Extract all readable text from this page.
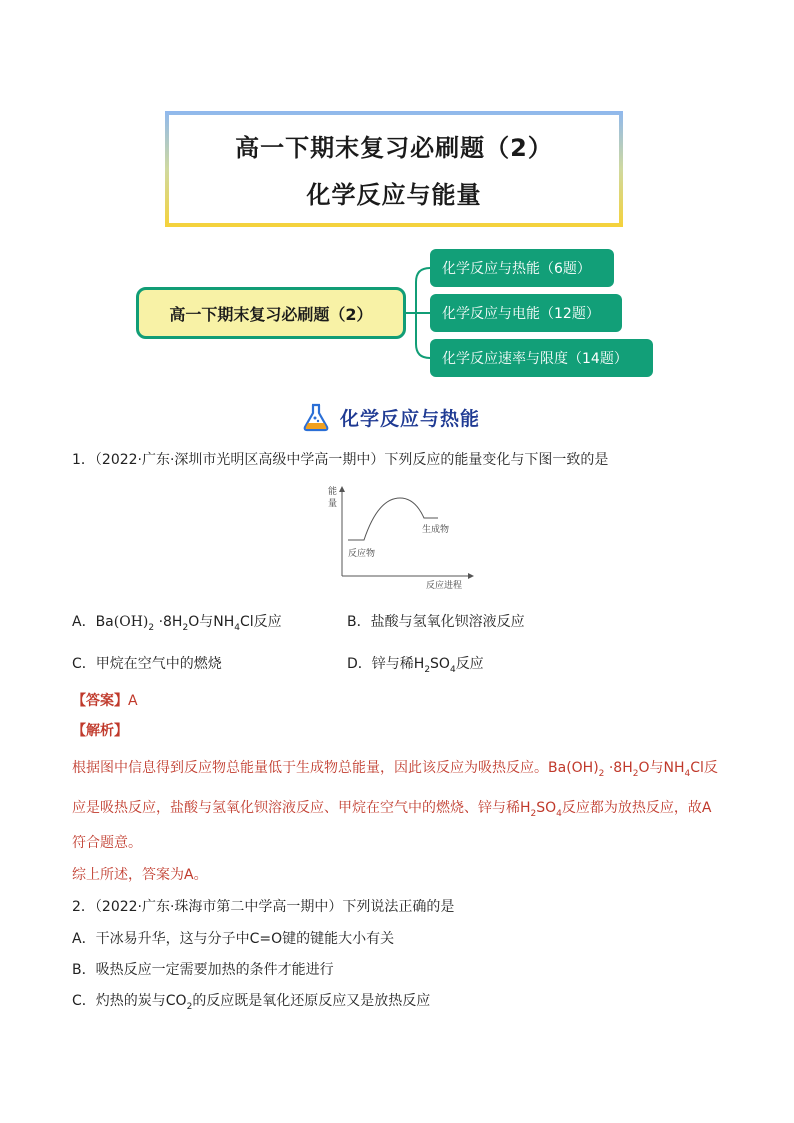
高一下期末复习必刷题（2）
化学反应与能量
高一下期末复习必刷题（2）
化学反应与热能（6题）
化学反应与电能（12题）
化学反应速率与限度（14题）
化学反应与热能
1．（2022·广东·深圳市光明区高级中学高一期中）下列反应的能量变化与下图一致的是
能
量
反应物
生成物
反应进程
A．$Ba(OH)_2 \cdot 8H_2O$与$NH_4Cl$反应	B．盐酸与氢氧化钡溶液反应
C．甲烷在空气中的燃烧	D．锌与稀$H_2SO_4$反应
【答案】A
【解析】
根据图中信息得到反应物总能量低于生成物总能量，因此该反应为吸热反应。$Ba(OH)_2 \cdot 8H_2O$与$NH_4Cl$反
应是吸热反应，盐酸与氢氧化钡溶液反应、甲烷在空气中的燃烧、锌与稀$H_2SO_4$反应都为放热反应，故A
符合题意。
综上所述，答案为A。
2．（2022·广东·珠海市第二中学高一期中）下列说法正确的是
A．干冰易升华，这与分子中C=O键的键能大小有关
B．吸热反应一定需要加热的条件才能进行
C．灼热的炭与$CO_2$的反应既是氧化还原反应又是放热反应
